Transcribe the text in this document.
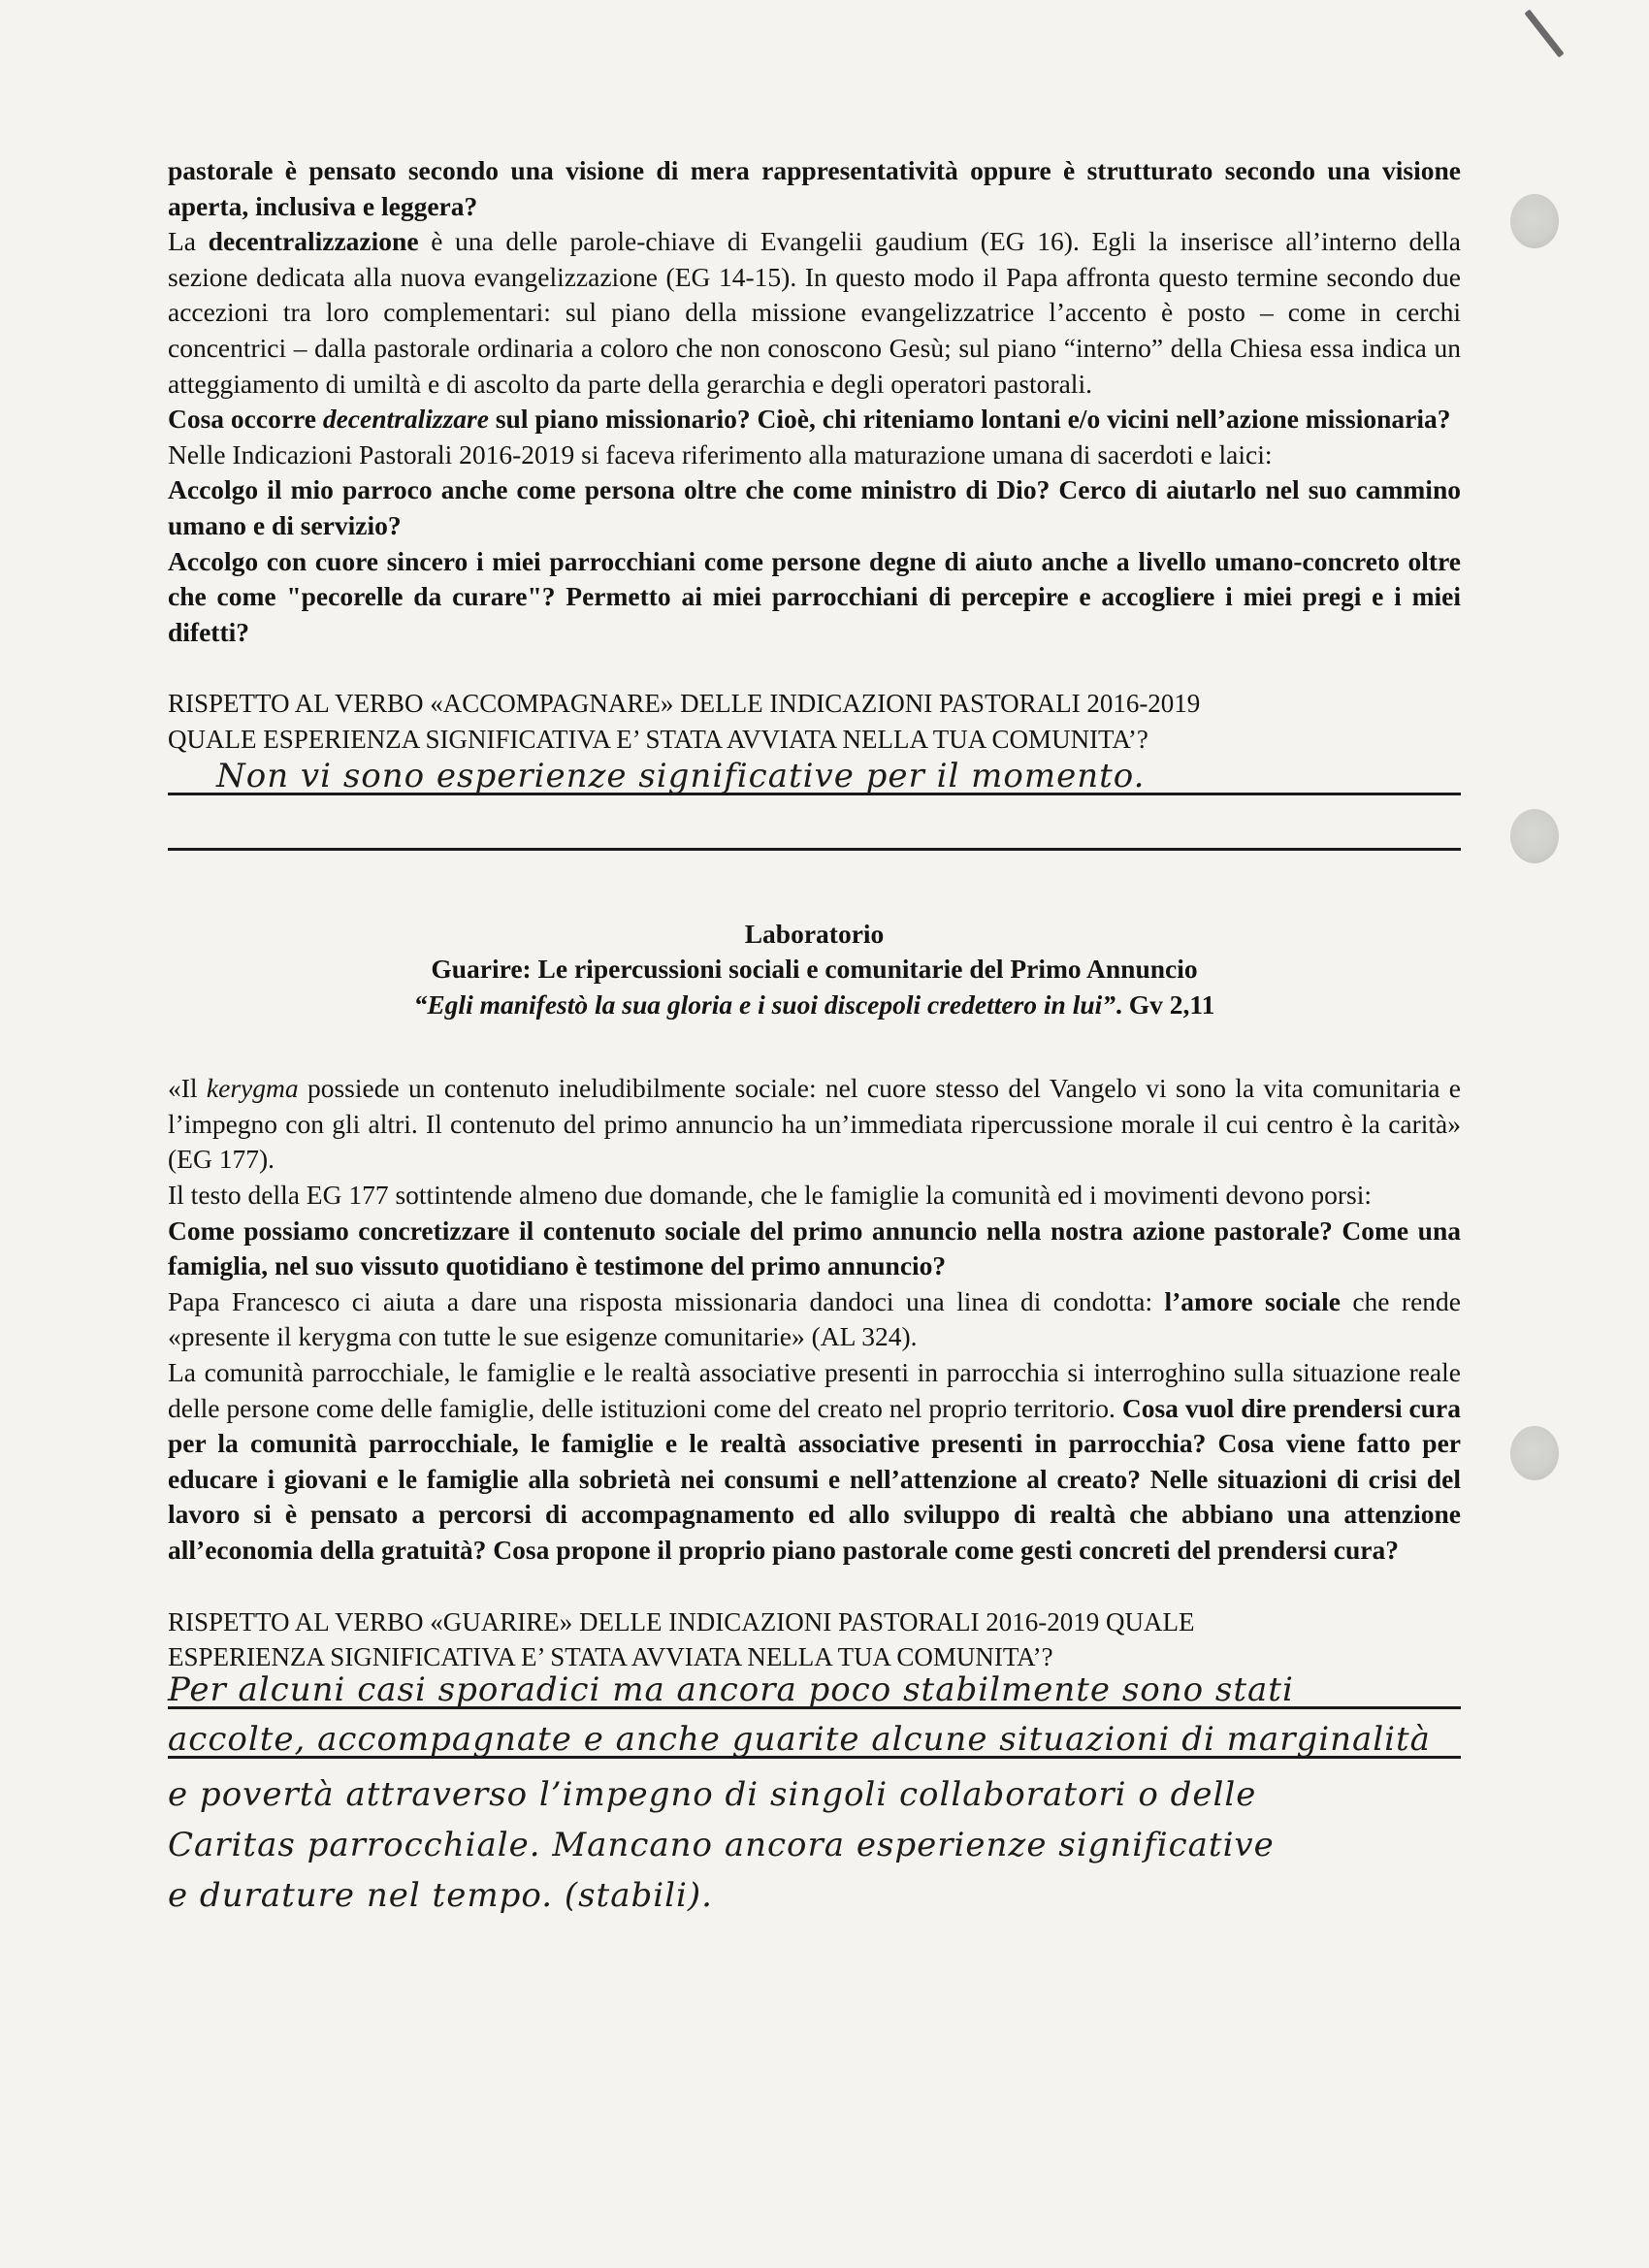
pastorale è pensato secondo una visione di mera rappresentatività oppure è strutturato secondo una visione aperta, inclusiva e leggera?

La decentralizzazione è una delle parole-chiave di Evangelii gaudium (EG 16). Egli la inserisce all’interno della sezione dedicata alla nuova evangelizzazione (EG 14-15). In questo modo il Papa affronta questo termine secondo due accezioni tra loro complementari: sul piano della missione evangelizzatrice l’accento è posto – come in cerchi concentrici – dalla pastorale ordinaria a coloro che non conoscono Gesù; sul piano “interno” della Chiesa essa indica un atteggiamento di umiltà e di ascolto da parte della gerarchia e degli operatori pastorali.

Cosa occorre decentralizzare sul piano missionario? Cioè, chi riteniamo lontani e/o vicini nell’azione missionaria?

Nelle Indicazioni Pastorali 2016-2019 si faceva riferimento alla maturazione umana di sacerdoti e laici:

Accolgo il mio parroco anche come persona oltre che come ministro di Dio? Cerco di aiutarlo nel suo cammino umano e di servizio?

Accolgo con cuore sincero i miei parrocchiani come persone degne di aiuto anche a livello umano-concreto oltre che come "pecorelle da curare"? Permetto ai miei parrocchiani di percepire e accogliere i miei pregi e i miei difetti?

RISPETTO AL VERBO «ACCOMPAGNARE» DELLE INDICAZIONI PASTORALI 2016-2019

QUALE ESPERIENZA SIGNIFICATIVA E’ STATA AVVIATA NELLA TUA COMUNITA’?

Non vi sono esperienze significative per il momento.

Laboratorio

Guarire: Le ripercussioni sociali e comunitarie del Primo Annuncio

“Egli manifestò la sua gloria e i suoi discepoli credettero in lui”. Gv 2,11

«Il kerygma possiede un contenuto ineludibilmente sociale: nel cuore stesso del Vangelo vi sono la vita comunitaria e l’impegno con gli altri. Il contenuto del primo annuncio ha un’immediata ripercussione morale il cui centro è la carità» (EG 177).

Il testo della EG 177 sottintende almeno due domande, che le famiglie la comunità ed i movimenti devono porsi:

Come possiamo concretizzare il contenuto sociale del primo annuncio nella nostra azione pastorale? Come una famiglia, nel suo vissuto quotidiano è testimone del primo annuncio?

Papa Francesco ci aiuta a dare una risposta missionaria dandoci una linea di condotta: l’amore sociale che rende «presente il kerygma con tutte le sue esigenze comunitarie» (AL 324).

La comunità parrocchiale, le famiglie e le realtà associative presenti in parrocchia si interroghino sulla situazione reale delle persone come delle famiglie, delle istituzioni come del creato nel proprio territorio. Cosa vuol dire prendersi cura per la comunità parrocchiale, le famiglie e le realtà associative presenti in parrocchia? Cosa viene fatto per educare i giovani e le famiglie alla sobrietà nei consumi e nell’attenzione al creato? Nelle situazioni di crisi del lavoro si è pensato a percorsi di accompagnamento ed allo sviluppo di realtà che abbiano una attenzione all’economia della gratuità? Cosa propone il proprio piano pastorale come gesti concreti del prendersi cura?

RISPETTO AL VERBO «GUARIRE» DELLE INDICAZIONI PASTORALI 2016-2019 QUALE

ESPERIENZA SIGNIFICATIVA E’ STATA AVVIATA NELLA TUA COMUNITA’?

Per alcuni casi sporadici ma ancora poco stabilmente sono stati
accolte, accompagnate e anche guarite alcune situazioni di marginalità
e povertà attraverso l’impegno di singoli collaboratori o delle
Caritas parrocchiale. Mancano ancora esperienze significative
e durature nel tempo. (stabili).
